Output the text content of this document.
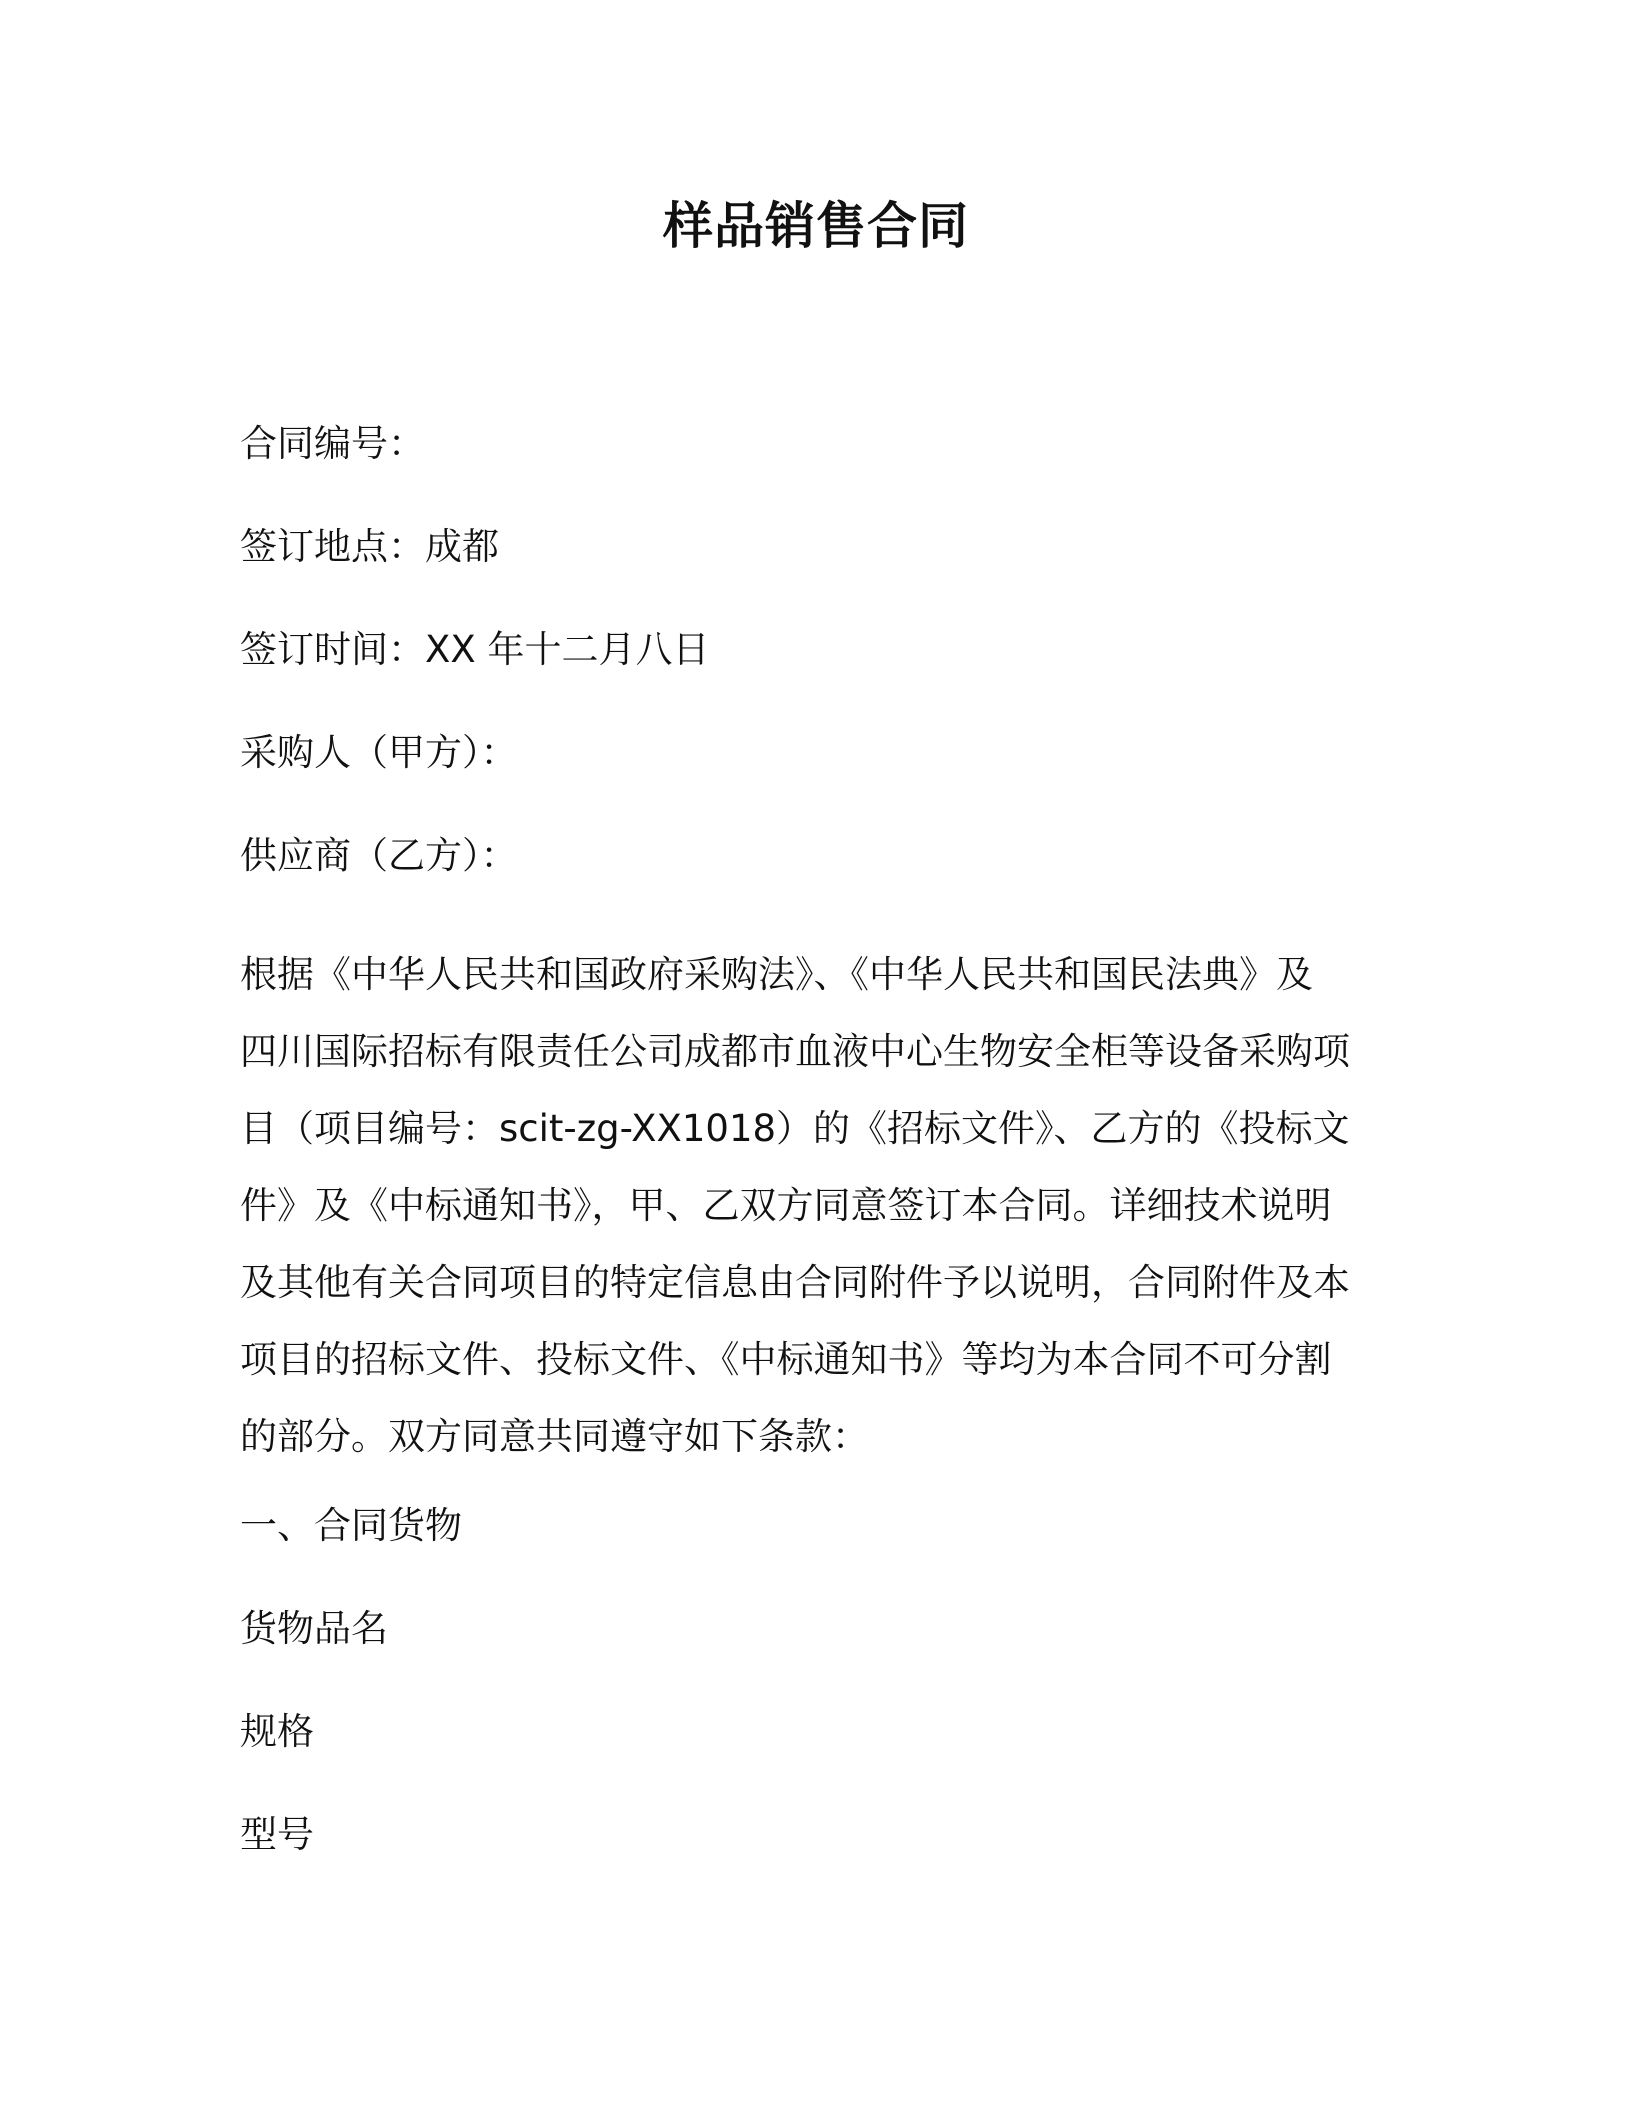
样品销售合同
合同编号：
签订地点：成都
签订时间：XX 年十二月八日
采购人（甲方）：
供应商（乙方）：
根据《中华人民共和国政府采购法》、《中华人民共和国民法典》及
四川国际招标有限责任公司成都市血液中心生物安全柜等设备采购项
目（项目编号：scit-zg-XX1018）的《招标文件》、乙方的《投标文
件》及《中标通知书》，甲、乙双方同意签订本合同。详细技术说明
及其他有关合同项目的特定信息由合同附件予以说明，合同附件及本
项目的招标文件、投标文件、《中标通知书》等均为本合同不可分割
的部分。双方同意共同遵守如下条款：
一、合同货物
货物品名
规格
型号
